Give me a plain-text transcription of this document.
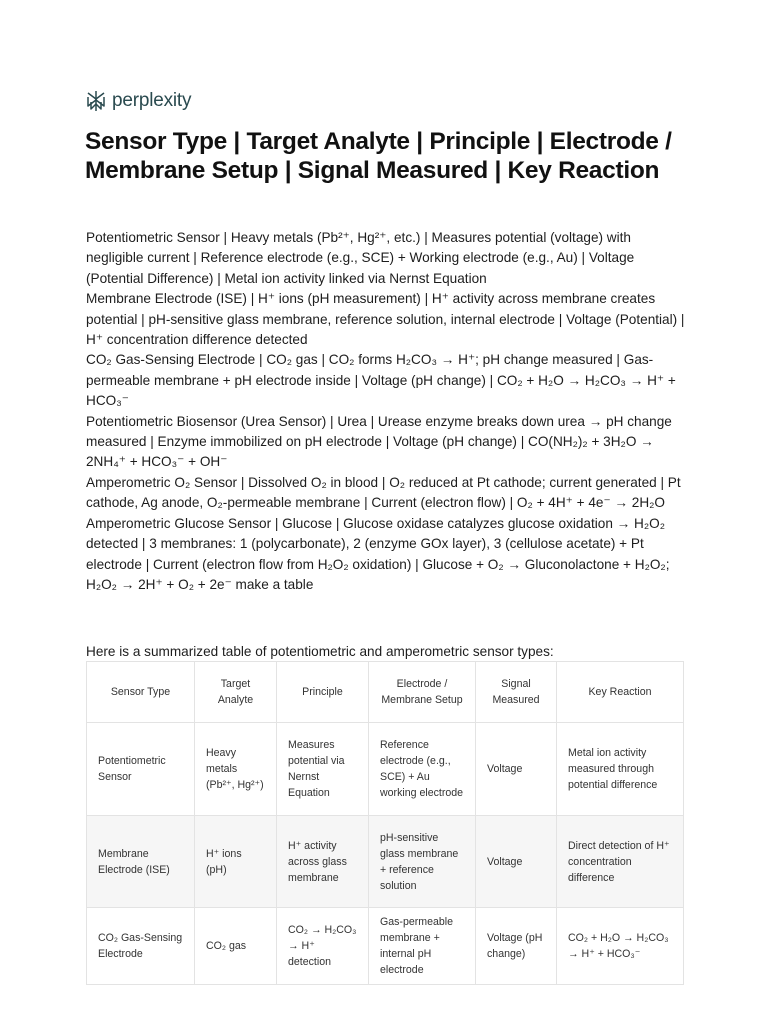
perplexity
Sensor Type | Target Analyte | Principle | Electrode / Membrane Setup | Signal Measured | Key Reaction
Potentiometric Sensor | Heavy metals (Pb²⁺, Hg²⁺, etc.) | Measures potential (voltage) with negligible current | Reference electrode (e.g., SCE) + Working electrode (e.g., Au) | Voltage (Potential Difference) | Metal ion activity linked via Nernst Equation
Membrane Electrode (ISE) | H⁺ ions (pH measurement) | H⁺ activity across membrane creates potential | pH-sensitive glass membrane, reference solution, internal electrode | Voltage (Potential) | H⁺ concentration difference detected
CO₂ Gas-Sensing Electrode | CO₂ gas | CO₂ forms H₂CO₃ → H⁺; pH change measured | Gas-permeable membrane + pH electrode inside | Voltage (pH change) | CO₂ + H₂O → H₂CO₃ → H⁺ + HCO₃⁻
Potentiometric Biosensor (Urea Sensor) | Urea | Urease enzyme breaks down urea → pH change measured | Enzyme immobilized on pH electrode | Voltage (pH change) | CO(NH₂)₂ + 3H₂O → 2NH₄⁺ + HCO₃⁻ + OH⁻
Amperometric O₂ Sensor | Dissolved O₂ in blood | O₂ reduced at Pt cathode; current generated | Pt cathode, Ag anode, O₂-permeable membrane | Current (electron flow) | O₂ + 4H⁺ + 4e⁻ → 2H₂O
Amperometric Glucose Sensor | Glucose | Glucose oxidase catalyzes glucose oxidation → H₂O₂ detected | 3 membranes: 1 (polycarbonate), 2 (enzyme GOx layer), 3 (cellulose acetate) + Pt electrode | Current (electron flow from H₂O₂ oxidation) | Glucose + O₂ → Gluconolactone + H₂O₂; H₂O₂ → 2H⁺ + O₂ + 2e⁻ make a table

Here is a summarized table of potentiometric and amperometric sensor types:

Sensor Type	Target Analyte	Principle	Electrode / Membrane Setup	Signal Measured	Key Reaction
Potentiometric Sensor	Heavy metals (Pb²⁺, Hg²⁺)	Measures potential via Nernst Equation	Reference electrode (e.g., SCE) + Au working electrode	Voltage	Metal ion activity measured through potential difference
Membrane Electrode (ISE)	H⁺ ions (pH)	H⁺ activity across glass membrane	pH-sensitive glass membrane + reference solution	Voltage	Direct detection of H⁺ concentration difference
CO₂ Gas-Sensing Electrode	CO₂ gas	CO₂ → H₂CO₃ → H⁺ detection	Gas-permeable membrane + internal pH electrode	Voltage (pH change)	CO₂ + H₂O → H₂CO₃ → H⁺ + HCO₃⁻
